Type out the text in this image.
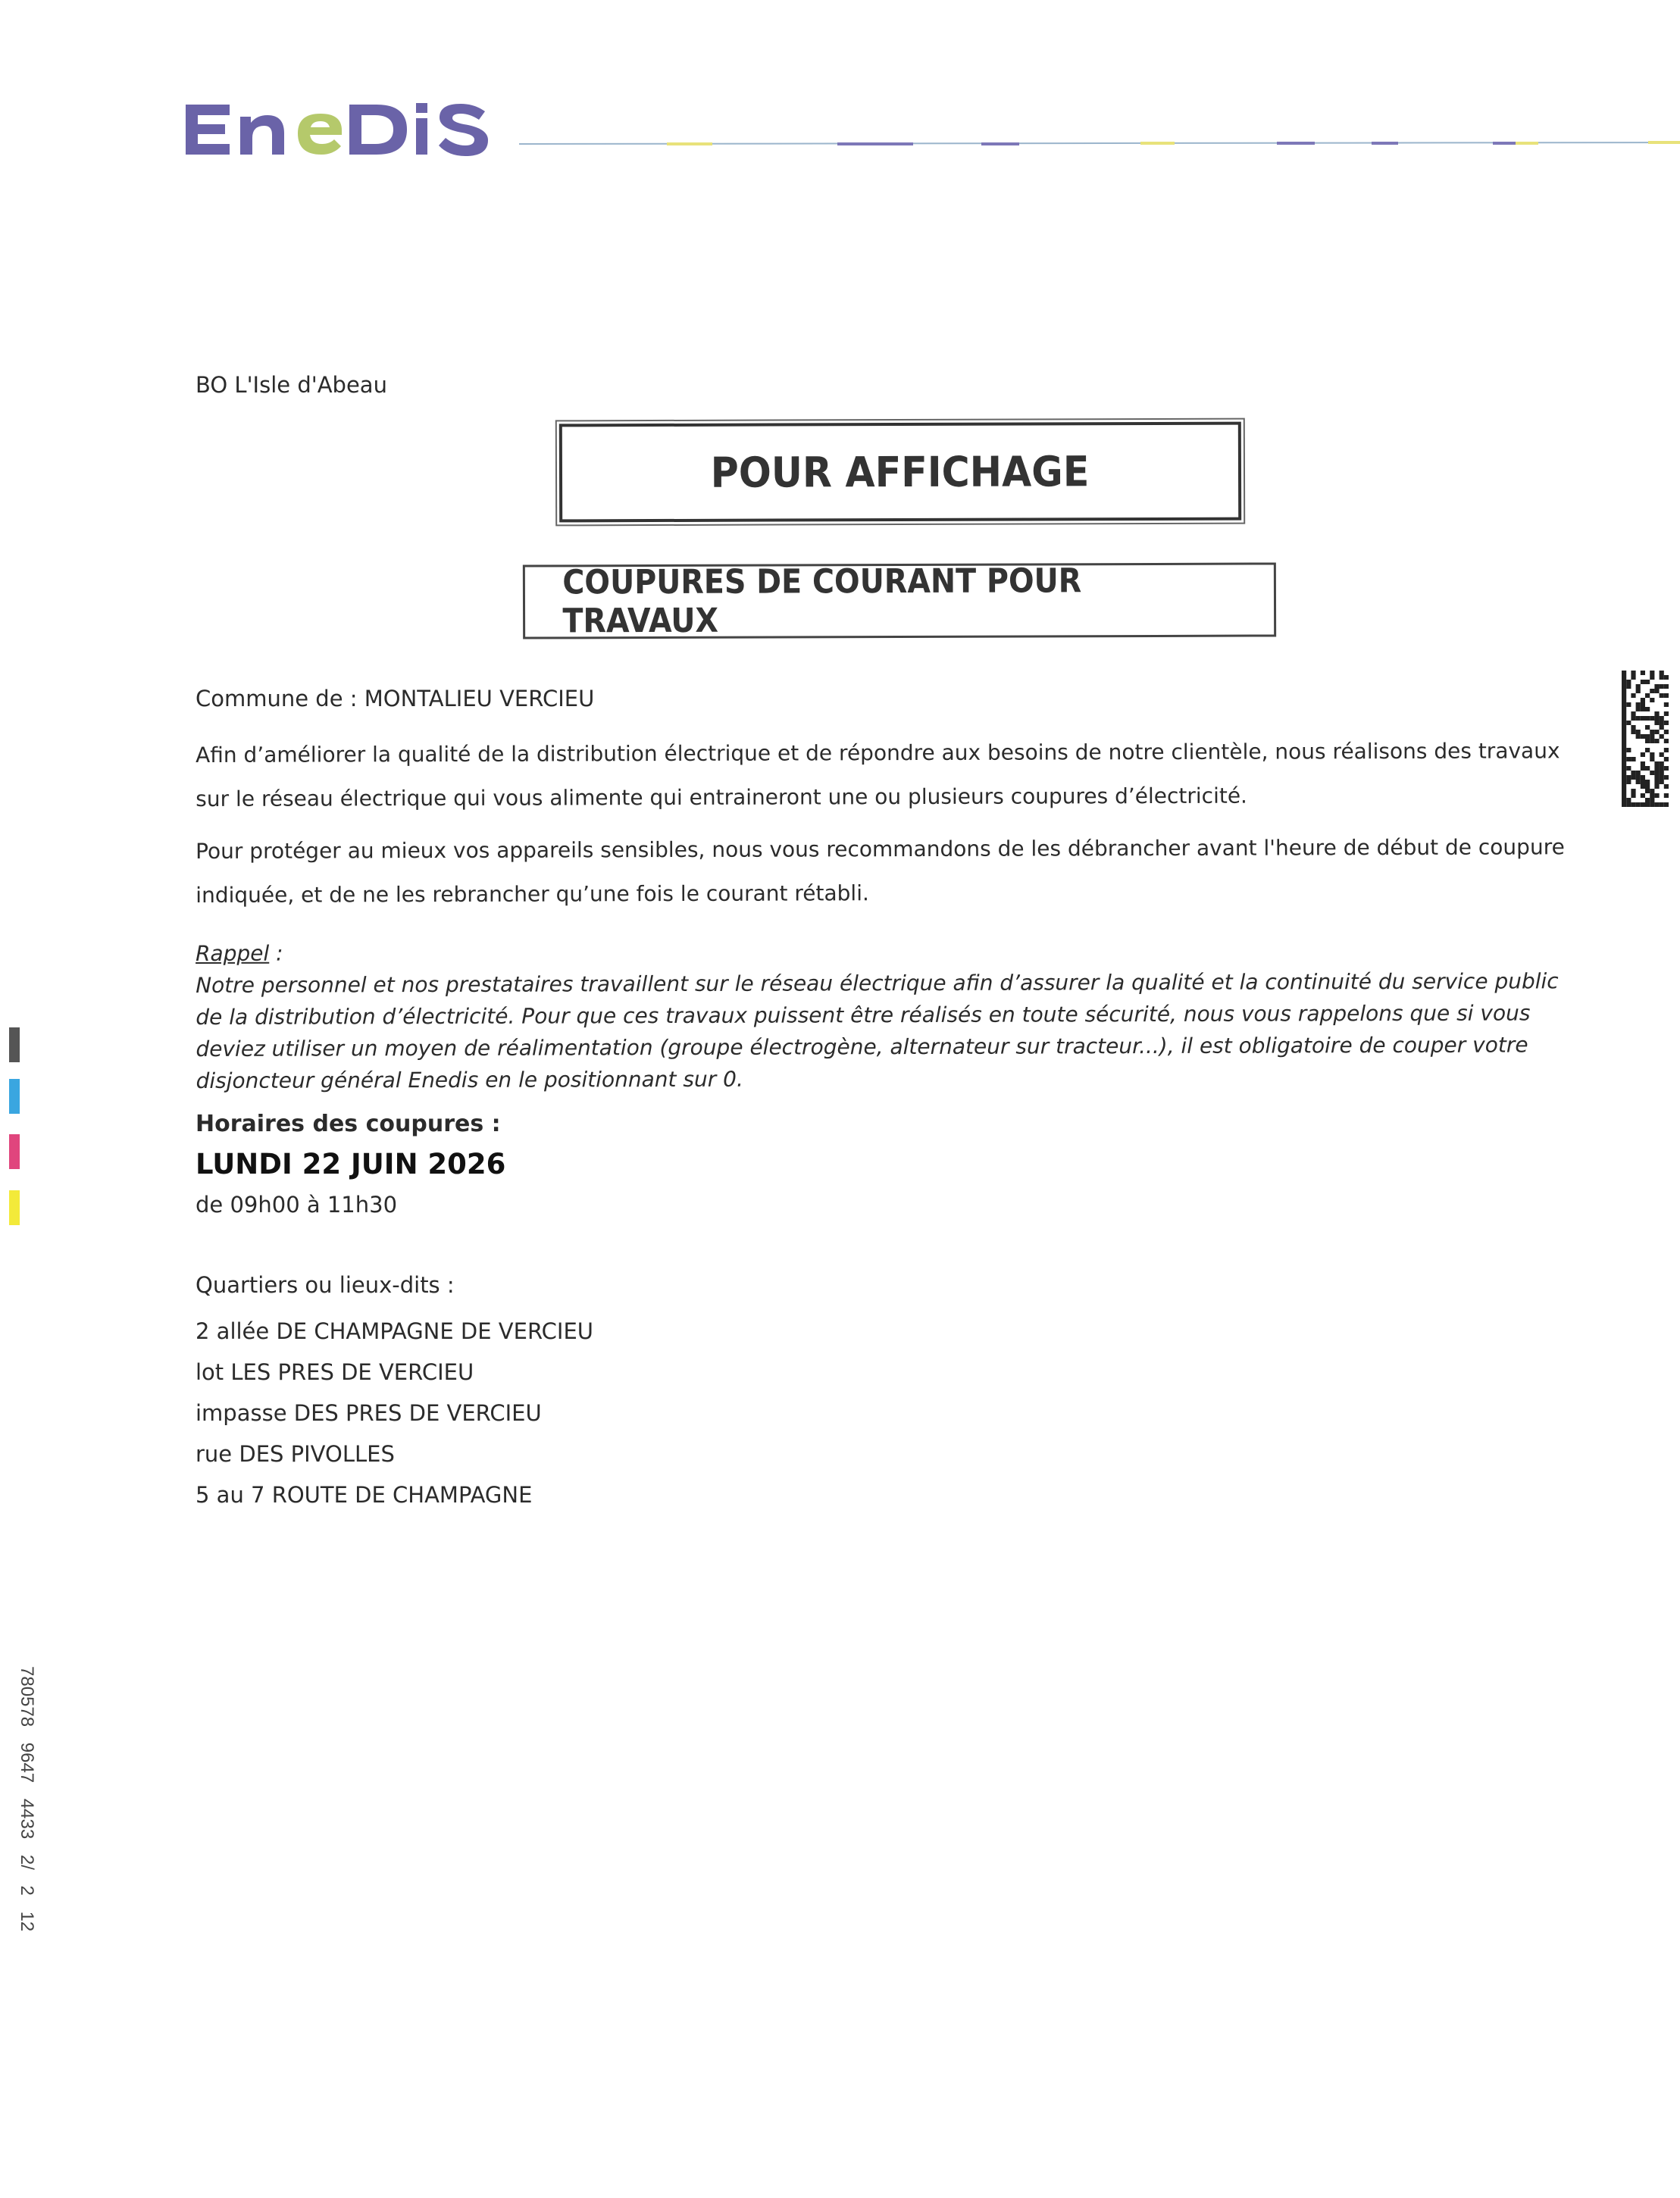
BO L'Isle d'Abeau
POUR AFFICHAGE
COUPURES DE COURANT POUR TRAVAUX
Commune de : MONTALIEU VERCIEU
Afin d’améliorer la qualité de la distribution électrique et de répondre aux besoins de notre clientèle, nous réalisons des travaux
sur le réseau électrique qui vous alimente qui entraineront une ou plusieurs coupures d’électricité.
Pour protéger au mieux vos appareils sensibles, nous vous recommandons de les débrancher avant l'heure de début de coupure
indiquée, et de ne les rebrancher qu’une fois le courant rétabli.
Rappel :
Notre personnel et nos prestataires travaillent sur le réseau électrique afin d’assurer la qualité et la continuité du service public
de la distribution d’électricité. Pour que ces travaux puissent être réalisés en toute sécurité, nous vous rappelons que si vous
deviez utiliser un moyen de réalimentation (groupe électrogène, alternateur sur tracteur...), il est obligatoire de couper votre
disjoncteur général Enedis en le positionnant sur 0.
Horaires des coupures :
LUNDI 22 JUIN 2026
de 09h00 à 11h30
Quartiers ou lieux-dits :
2 allée DE CHAMPAGNE DE VERCIEU
lot LES PRES DE VERCIEU
impasse DES PRES DE VERCIEU
rue DES PIVOLLES
5 au 7 ROUTE DE CHAMPAGNE
780578 9647 4433 2/ 2 12
